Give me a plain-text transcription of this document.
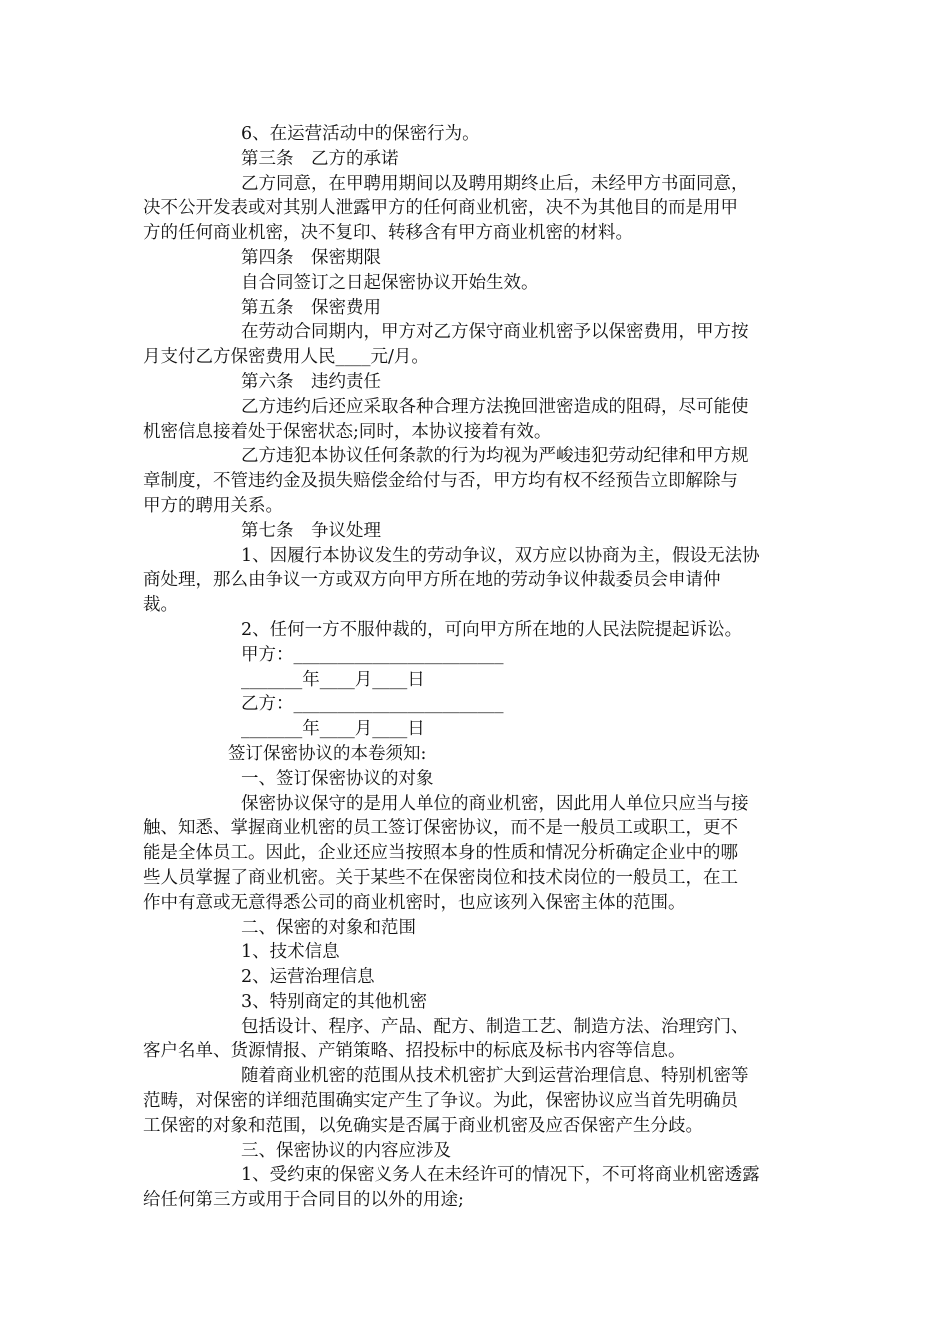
6、在运营活动中的保密行为。
第三条　乙方的承诺
乙方同意，在甲聘用期间以及聘用期终止后，未经甲方书面同意，
决不公开发表或对其别人泄露甲方的任何商业机密，决不为其他目的而是用甲
方的任何商业机密，决不复印、转移含有甲方商业机密的材料。
第四条　保密期限
自合同签订之日起保密协议开始生效。
第五条　保密费用
在劳动合同期内，甲方对乙方保守商业机密予以保密费用，甲方按
月支付乙方保密费用人民____元/月。
第六条　违约责任
乙方违约后还应采取各种合理方法挽回泄密造成的阻碍，尽可能使
机密信息接着处于保密状态;同时，本协议接着有效。
乙方违犯本协议任何条款的行为均视为严峻违犯劳动纪律和甲方规
章制度，不管违约金及损失赔偿金给付与否，甲方均有权不经预告立即解除与
甲方的聘用关系。
第七条　争议处理
1、因履行本协议发生的劳动争议，双方应以协商为主，假设无法协
商处理，那么由争议一方或双方向甲方所在地的劳动争议仲裁委员会申请仲
裁。
2、任何一方不服仲裁的，可向甲方所在地的人民法院提起诉讼。
甲方：________________________
_______年____月____日
乙方：________________________
_______年____月____日
签订保密协议的本卷须知:
一、签订保密协议的对象
保密协议保守的是用人单位的商业机密，因此用人单位只应当与接
触、知悉、掌握商业机密的员工签订保密协议，而不是一般员工或职工，更不
能是全体员工。因此，企业还应当按照本身的性质和情况分析确定企业中的哪
些人员掌握了商业机密。关于某些不在保密岗位和技术岗位的一般员工，在工
作中有意或无意得悉公司的商业机密时，也应该列入保密主体的范围。
二、保密的对象和范围
1、技术信息
2、运营治理信息
3、特别商定的其他机密
包括设计、程序、产品、配方、制造工艺、制造方法、治理窍门、
客户名单、货源情报、产销策略、招投标中的标底及标书内容等信息。
随着商业机密的范围从技术机密扩大到运营治理信息、特别机密等
范畴，对保密的详细范围确实定产生了争议。为此，保密协议应当首先明确员
工保密的对象和范围，以免确实是否属于商业机密及应否保密产生分歧。
三、保密协议的内容应涉及
1、受约束的保密义务人在未经许可的情况下，不可将商业机密透露
给任何第三方或用于合同目的以外的用途;
